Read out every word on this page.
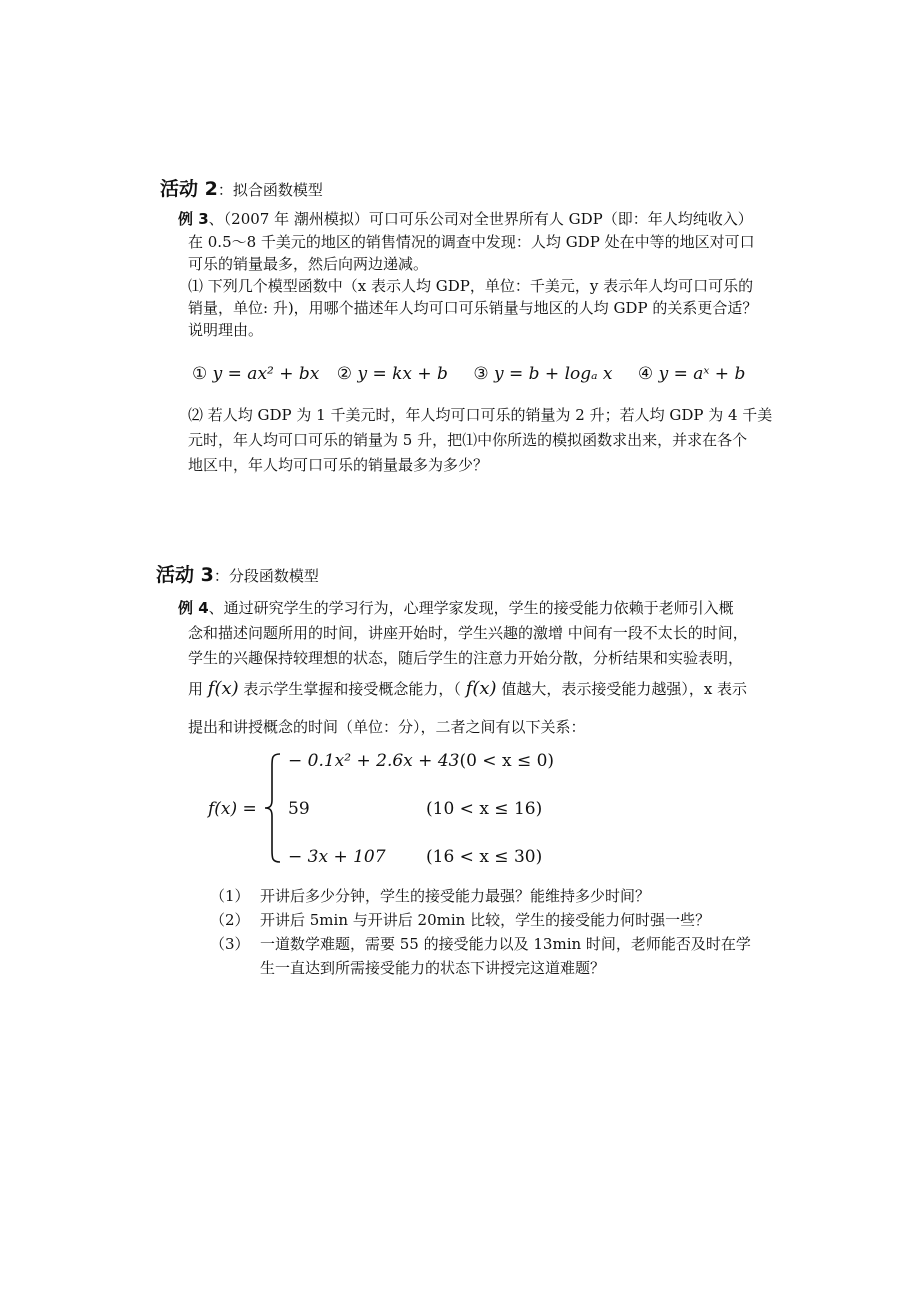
活动 2：拟合函数模型
例 3、（2007 年 潮州模拟）可口可乐公司对全世界所有人 GDP（即：年人均纯收入）
在 0.5～8 千美元的地区的销售情况的调查中发现：人均 GDP 处在中等的地区对可口
可乐的销量最多，然后向两边递减。
⑴ 下列几个模型函数中（x 表示人均 GDP，单位：千美元，y 表示年人均可口可乐的
销量，单位: 升)，用哪个描述年人均可口可乐销量与地区的人均 GDP 的关系更合适？
说明理由。
① y = ax² + bx ② y = kx + b ③ y = b + logₐ x ④ y = aˣ + b
⑵ 若人均 GDP 为 1 千美元时，年人均可口可乐的销量为 2 升；若人均 GDP 为 4 千美
元时，年人均可口可乐的销量为 5 升，把⑴中你所选的模拟函数求出来，并求在各个
地区中，年人均可口可乐的销量最多为多少？
活动 3：分段函数模型
例 4、通过研究学生的学习行为，心理学家发现，学生的接受能力依赖于老师引入概
念和描述问题所用的时间，讲座开始时，学生兴趣的激增 中间有一段不太长的时间，
学生的兴趣保持较理想的状态，随后学生的注意力开始分散，分析结果和实验表明，
用 f(x) 表示学生掌握和接受概念能力，（ f(x) 值越大，表示接受能力越强），x 表示
提出和讲授概念的时间（单位：分），二者之间有以下关系：
f(x) =
− 0.1x² + 2.6x + 43(0 < x ≤ 0)
59	(10 < x ≤ 16)
− 3x + 107 (16 < x ≤ 30)
（1） 开讲后多少分钟，学生的接受能力最强？能维持多少时间？
（2） 开讲后 5min 与开讲后 20min 比较，学生的接受能力何时强一些？
（3） 一道数学难题，需要 55 的接受能力以及 13min 时间，老师能否及时在学
生一直达到所需接受能力的状态下讲授完这道难题？
